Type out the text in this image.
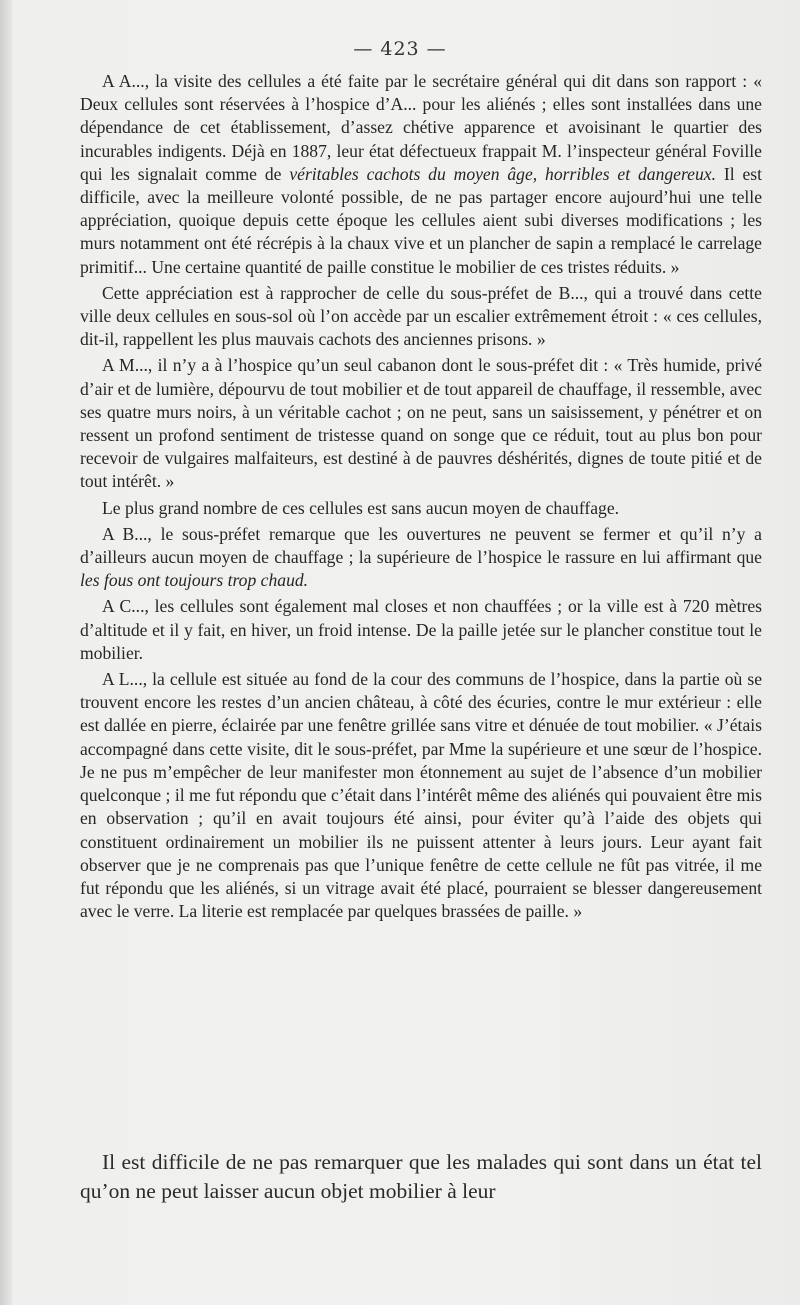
— 423 —

A A..., la visite des cellules a été faite par le secrétaire général qui dit dans son rapport : « Deux cellules sont réservées à l’hospice d’A... pour les aliénés ; elles sont installées dans une dépendance de cet établissement, d’assez chétive apparence et avoisinant le quartier des incurables indigents. Déjà en 1887, leur état défectueux frappait M. l’inspecteur général Foville qui les signalait comme de véritables cachots du moyen âge, horribles et dangereux. Il est difficile, avec la meilleure volonté possible, de ne pas partager encore aujourd’hui une telle appréciation, quoique depuis cette époque les cellules aient subi diverses modifications ; les murs notamment ont été récrépis à la chaux vive et un plancher de sapin a remplacé le carrelage primitif... Une certaine quantité de paille constitue le mobilier de ces tristes réduits. »

Cette appréciation est à rapprocher de celle du sous-préfet de B..., qui a trouvé dans cette ville deux cellules en sous-sol où l’on accède par un escalier extrêmement étroit : « ces cellules, dit-il, rappellent les plus mauvais cachots des anciennes prisons. »

A M..., il n’y a à l’hospice qu’un seul cabanon dont le sous-préfet dit : « Très humide, privé d’air et de lumière, dépourvu de tout mobilier et de tout appareil de chauffage, il ressemble, avec ses quatre murs noirs, à un véritable cachot ; on ne peut, sans un saisissement, y pénétrer et on ressent un profond sentiment de tristesse quand on songe que ce réduit, tout au plus bon pour recevoir de vulgaires malfaiteurs, est destiné à de pauvres déshérités, dignes de toute pitié et de tout intérêt. »

Le plus grand nombre de ces cellules est sans aucun moyen de chauffage.

A B..., le sous-préfet remarque que les ouvertures ne peuvent se fermer et qu’il n’y a d’ailleurs aucun moyen de chauffage ; la supérieure de l’hospice le rassure en lui affirmant que les fous ont toujours trop chaud.

A C..., les cellules sont également mal closes et non chauffées ; or la ville est à 720 mètres d’altitude et il y fait, en hiver, un froid intense. De la paille jetée sur le plancher constitue tout le mobilier.

A L..., la cellule est située au fond de la cour des communs de l’hospice, dans la partie où se trouvent encore les restes d’un ancien château, à côté des écuries, contre le mur extérieur : elle est dallée en pierre, éclairée par une fenêtre grillée sans vitre et dénuée de tout mobilier. « J’étais accompagné dans cette visite, dit le sous-préfet, par Mme la supérieure et une sœur de l’hospice. Je ne pus m’empêcher de leur manifester mon étonnement au sujet de l’absence d’un mobilier quelconque ; il me fut répondu que c’était dans l’intérêt même des aliénés qui pouvaient être mis en observation ; qu’il en avait toujours été ainsi, pour éviter qu’à l’aide des objets qui constituent ordinairement un mobilier ils ne puissent attenter à leurs jours. Leur ayant fait observer que je ne comprenais pas que l’unique fenêtre de cette cellule ne fût pas vitrée, il me fut répondu que les aliénés, si un vitrage avait été placé, pourraient se blesser dangereusement avec le verre. La literie est remplacée par quelques brassées de paille. »

Il est difficile de ne pas remarquer que les malades qui sont dans un état tel qu’on ne peut laisser aucun objet mobilier à leur
